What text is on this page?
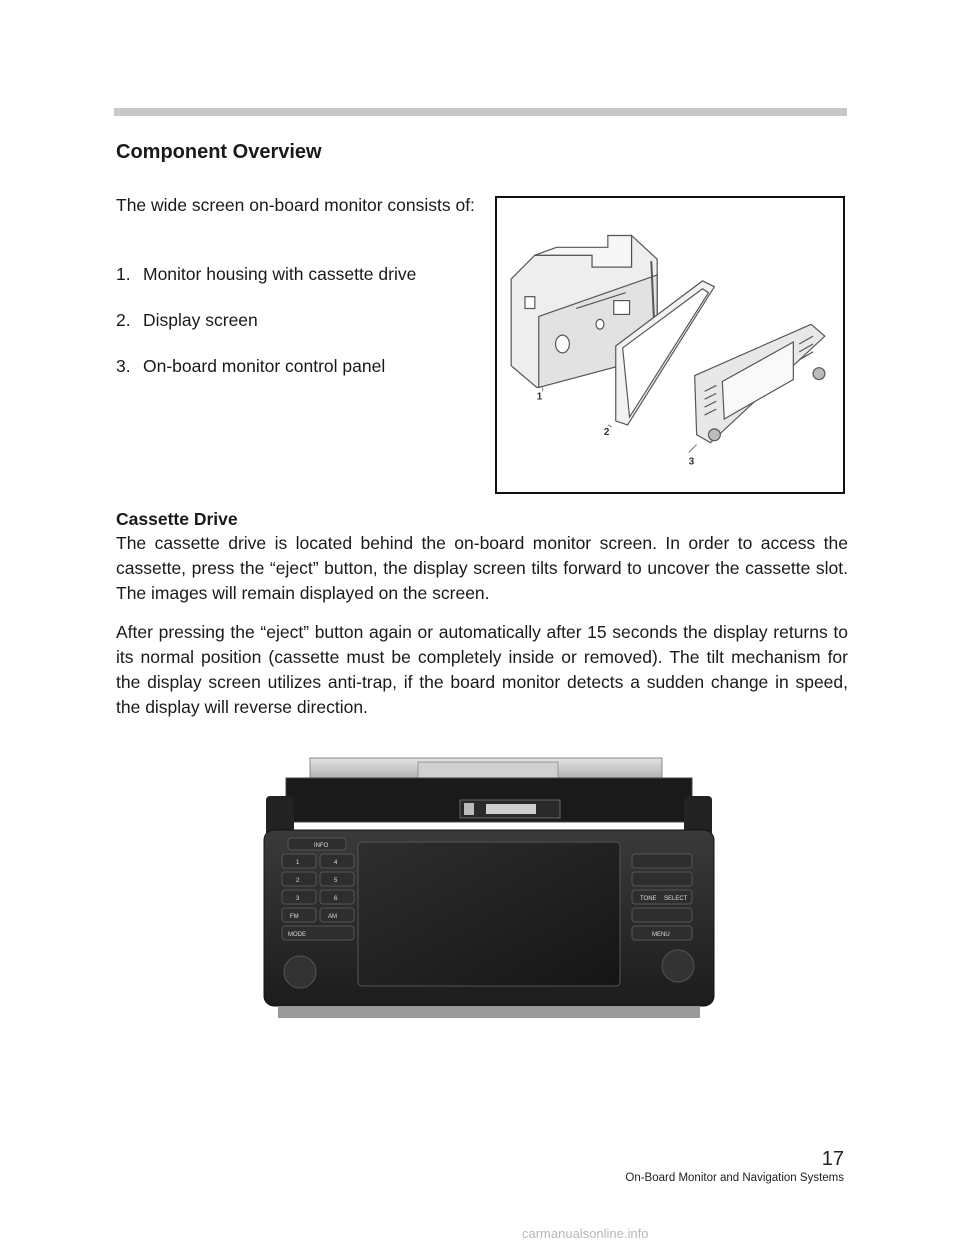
Component Overview

The wide screen on-board monitor consists of:

1. Monitor housing with cassette drive
2. Display screen
3. On-board monitor control panel
1
2
3
Cassette Drive

The cassette drive is located behind the on-board monitor screen. In order to access the cassette, press the “eject” button, the display screen tilts forward to uncover the cassette slot. The images will remain displayed on the screen.

After pressing the “eject” button again or automatically after 15 seconds the display returns to its normal position (cassette must be completely inside or removed). The tilt mechanism for the display screen utilizes anti-trap, if the board monitor detects a sudden change in speed, the display will reverse direction.

INFO
1	4
2	5
3	6
FM	AM
MODE
TONE SELECT
MENU
17
On-Board Monitor and Navigation Systems
carmanualsonline.info
